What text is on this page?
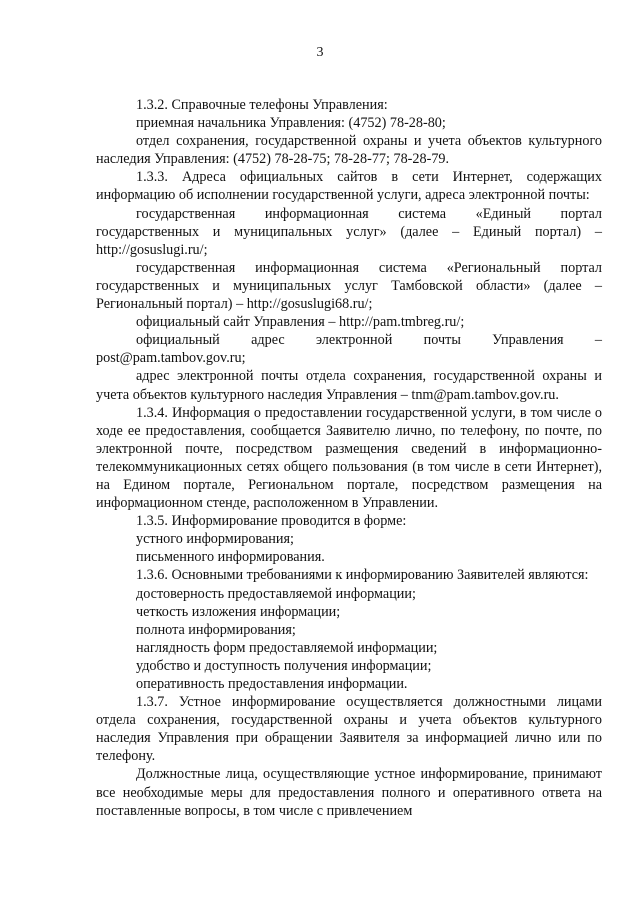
3

1.3.2. Справочные телефоны Управления:

приемная начальника Управления: (4752) 78-28-80;

отдел сохранения, государственной охраны и учета объектов культурного наследия Управления: (4752) 78-28-75; 78-28-77; 78-28-79.

1.3.3. Адреса официальных сайтов в сети Интернет, содержащих информацию об исполнении государственной услуги, адреса электронной почты:

государственная информационная система «Единый портал государственных и муниципальных услуг» (далее – Единый портал) – http://gosuslugi.ru/;

государственная информационная система «Региональный портал государственных и муниципальных услуг Тамбовской области» (далее – Региональный портал) – http://gosuslugi68.ru/;

официальный сайт Управления – http://pam.tmbreg.ru/;

официальный адрес электронной почты Управления – post@pam.tambov.gov.ru;

адрес электронной почты отдела сохранения, государственной охраны и учета объектов культурного наследия Управления – tnm@pam.tambov.gov.ru.

1.3.4. Информация о предоставлении государственной услуги, в том числе о ходе ее предоставления, сообщается Заявителю лично, по телефону, по почте, по электронной почте, посредством размещения сведений в информационно-телекоммуникационных сетях общего пользования (в том числе в сети Интернет), на Едином портале, Региональном портале, посредством размещения на информационном стенде, расположенном в Управлении.

1.3.5. Информирование проводится в форме:

устного информирования;

письменного информирования.

1.3.6. Основными требованиями к информированию Заявителей являются:

достоверность предоставляемой информации;

четкость изложения информации;

полнота информирования;

наглядность форм предоставляемой информации;

удобство и доступность получения информации;

оперативность предоставления информации.

1.3.7. Устное информирование осуществляется должностными лицами отдела сохранения, государственной охраны и учета объектов культурного наследия Управления при обращении Заявителя за информацией лично или по телефону.

Должностные лица, осуществляющие устное информирование, принимают все необходимые меры для предоставления полного и оперативного ответа на поставленные вопросы, в том числе с привлечением
